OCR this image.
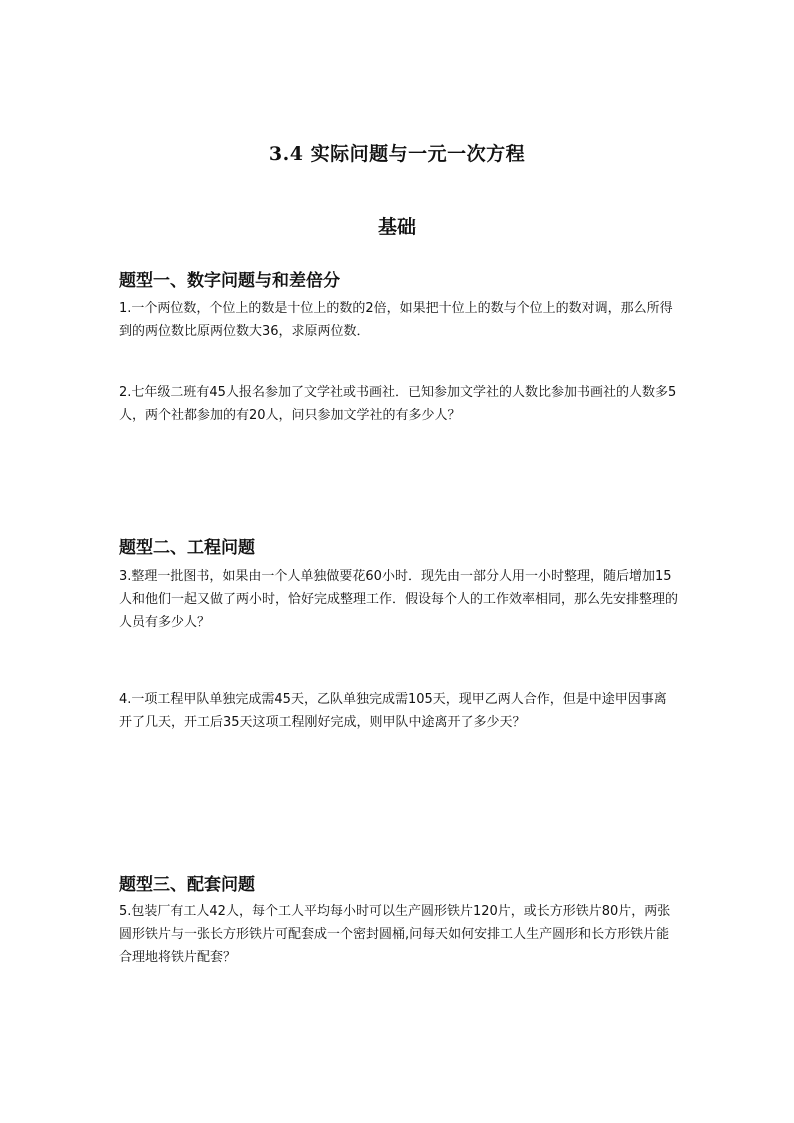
3.4 实际问题与一元一次方程
基础
题型一、数字问题与和差倍分

1.一个两位数，个位上的数是十位上的数的2倍，如果把十位上的数与个位上的数对调，那么所得到的两位数比原两位数大36，求原两位数．

2.七年级二班有45人报名参加了文学社或书画社．已知参加文学社的人数比参加书画社的人数多5人，两个社都参加的有20人，问只参加文学社的有多少人？

题型二、工程问题

3.整理一批图书，如果由一个人单独做要花60小时．现先由一部分人用一小时整理，随后增加15人和他们一起又做了两小时，恰好完成整理工作．假设每个人的工作效率相同，那么先安排整理的人员有多少人？

4.一项工程甲队单独完成需45天，乙队单独完成需105天，现甲乙两人合作，但是中途甲因事离开了几天，开工后35天这项工程刚好完成，则甲队中途离开了多少天？

题型三、配套问题

5.包装厂有工人42人，每个工人平均每小时可以生产圆形铁片120片，或长方形铁片80片，两张圆形铁片与一张长方形铁片可配套成一个密封圆桶,问每天如何安排工人生产圆形和长方形铁片能合理地将铁片配套？
